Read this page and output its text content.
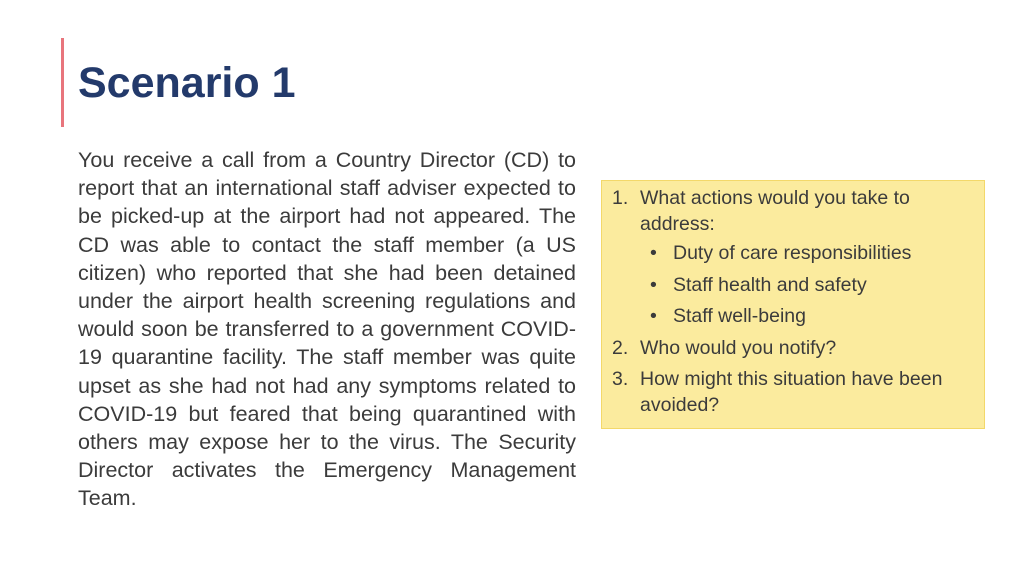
Scenario 1

You receive a call from a Country Director (CD) to report that an international staff adviser expected to be picked-up at the airport had not appeared. The CD was able to contact the staff member (a US citizen) who reported that she had been detained under the airport health screening regulations and would soon be transferred to a government COVID-19 quarantine facility. The staff member was quite upset as she had not had any symptoms related to COVID-19 but feared that being quarantined with others may expose her to the virus. The Security Director activates the Emergency Management Team.

1. What actions would you take to address:
• Duty of care responsibilities
• Staff health and safety
• Staff well-being
2. Who would you notify?
3. How might this situation have been avoided?
